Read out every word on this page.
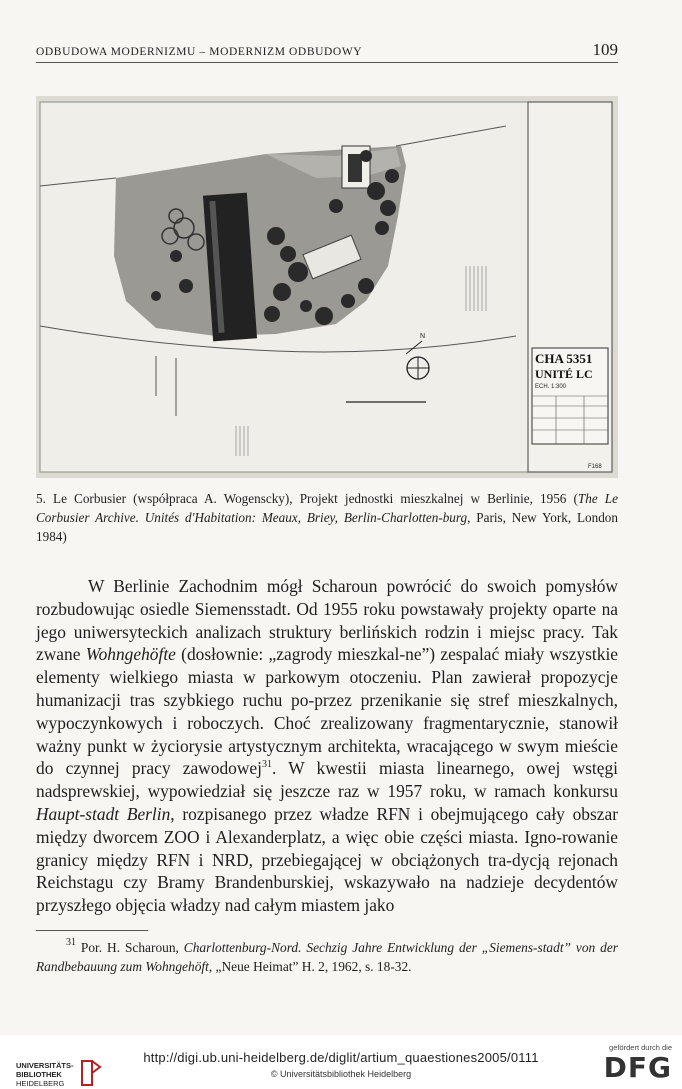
ODBUDOWA MODERNIZMU – MODERNIZM ODBUDOWY	109
N
CHA 5351
UNITÉ LC
ECH. 1:300
F168
5. Le Corbusier (współpraca A. Wogenscky), Projekt jednostki mieszkalnej w Berlinie, 1956 (The Le Corbusier Archive. Unités d'Habitation: Meaux, Briey, Berlin-Charlotten-burg, Paris, New York, London 1984)

W Berlinie Zachodnim mógł Scharoun powrócić do swoich pomysłów rozbudowując osiedle Siemensstadt. Od 1955 roku powstawały projekty oparte na jego uniwersyteckich analizach struktury berlińskich rodzin i miejsc pracy. Tak zwane Wohngehöfte (dosłownie: „zagrody mieszkal-ne”) zespalać miały wszystkie elementy wielkiego miasta w parkowym otoczeniu. Plan zawierał propozycje humanizacji tras szybkiego ruchu po-przez przenikanie się stref mieszkalnych, wypoczynkowych i roboczych. Choć zrealizowany fragmentarycznie, stanowił ważny punkt w życiorysie artystycznym architekta, wracającego w swym mieście do czynnej pracy zawodowej$^{31}$. W kwestii miasta linearnego, owej wstęgi nadsprewskiej, wypowiedział się jeszcze raz w 1957 roku, w ramach konkursu Haupt-stadt Berlin, rozpisanego przez władze RFN i obejmującego cały obszar między dworcem ZOO i Alexanderplatz, a więc obie części miasta. Igno-rowanie granicy między RFN i NRD, przebiegającej w obciążonych tra-dycją rejonach Reichstagu czy Bramy Brandenburskiej, wskazywało na nadzieje decydentów przyszłego objęcia władzy nad całym miastem jako

$^{31}$ Por. H. Scharoun, Charlottenburg-Nord. Sechzig Jahre Entwicklung der „Siemens-stadt” von der Randbebauung zum Wohngehöft, „Neue Heimat” H. 2, 1962, s. 18-32.
UNIVERSITÄTS-
BIBLIOTHEK
HEIDELBERG
http://digi.ub.uni-heidelberg.de/diglit/artium_quaestiones2005/0111
© Universitätsbibliothek Heidelberg
gefördert durch die
DFG
